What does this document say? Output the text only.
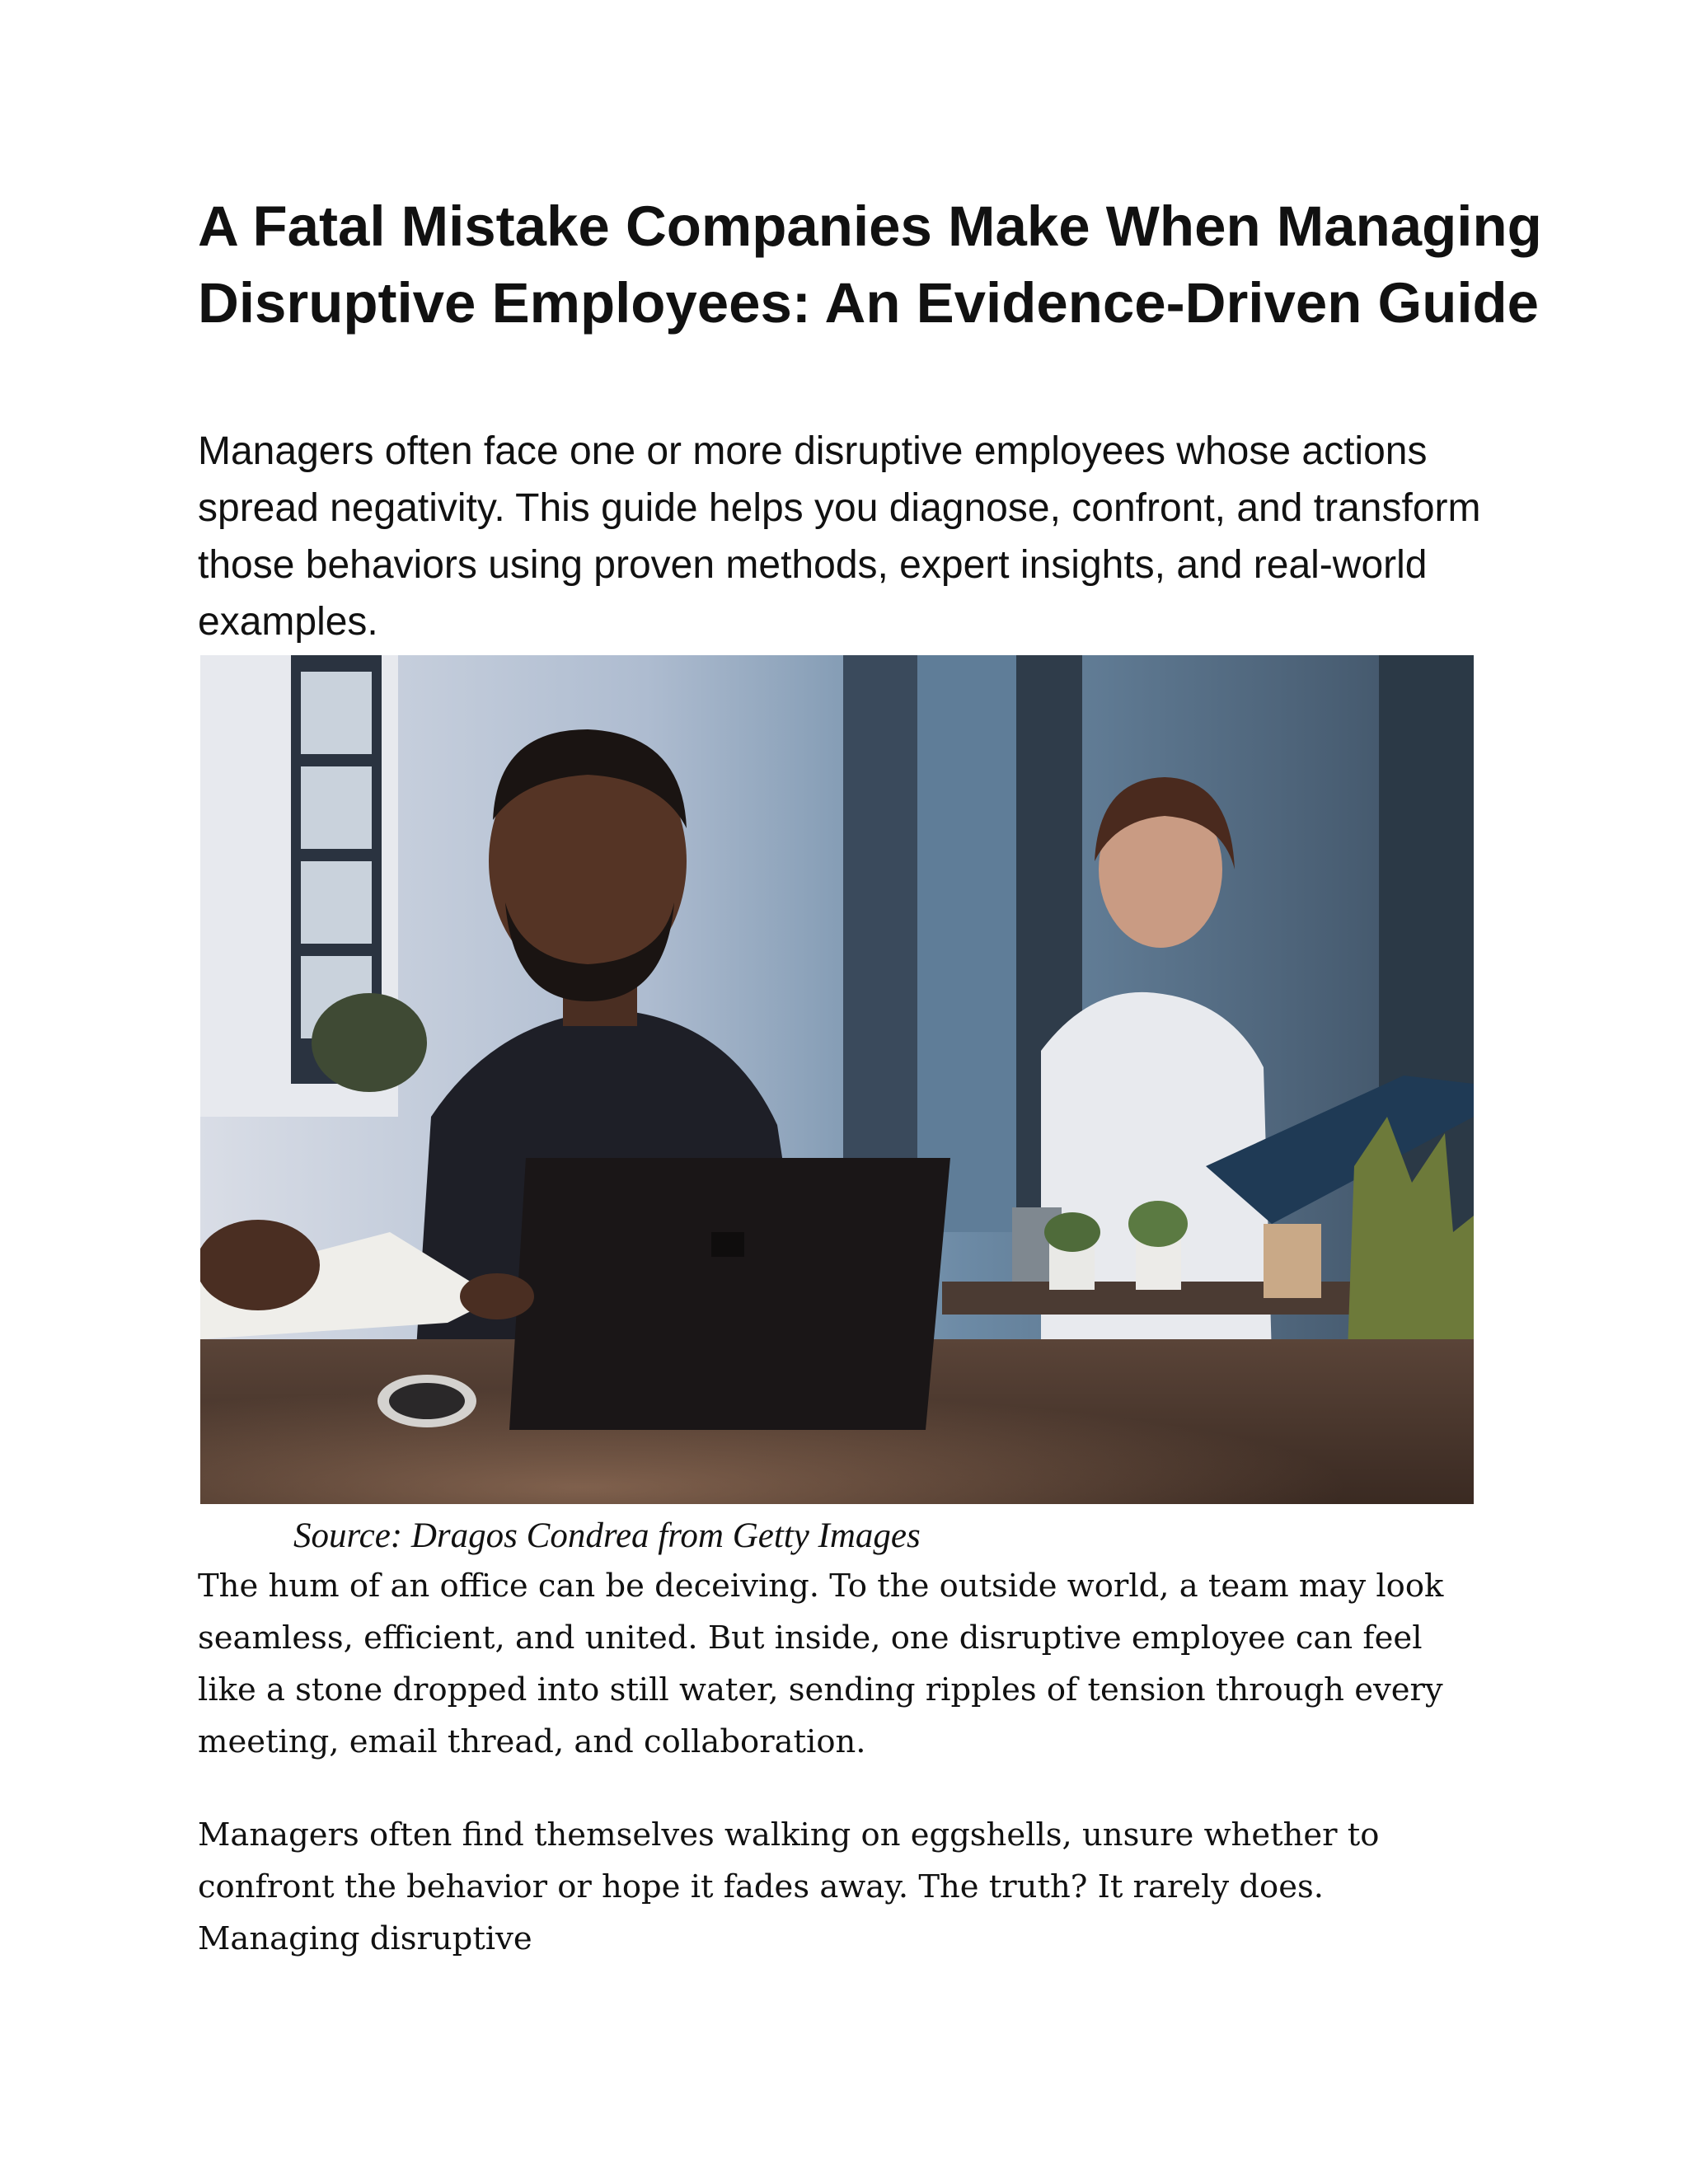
A Fatal Mistake Companies Make When Managing Disruptive Employees: An Evidence-Driven Guide

Managers often face one or more disruptive employees whose actions spread negativity. This guide helps you diagnose, confront, and transform those behaviors using proven methods, expert insights, and real-world examples.

Source: Dragos Condrea from Getty Images

The hum of an office can be deceiving. To the outside world, a team may look seamless, efficient, and united. But inside, one disruptive employee can feel like a stone dropped into still water, sending ripples of tension through every meeting, email thread, and collaboration.

Managers often find themselves walking on eggshells, unsure whether to confront the behavior or hope it fades away. The truth? It rarely does. Managing disruptive
